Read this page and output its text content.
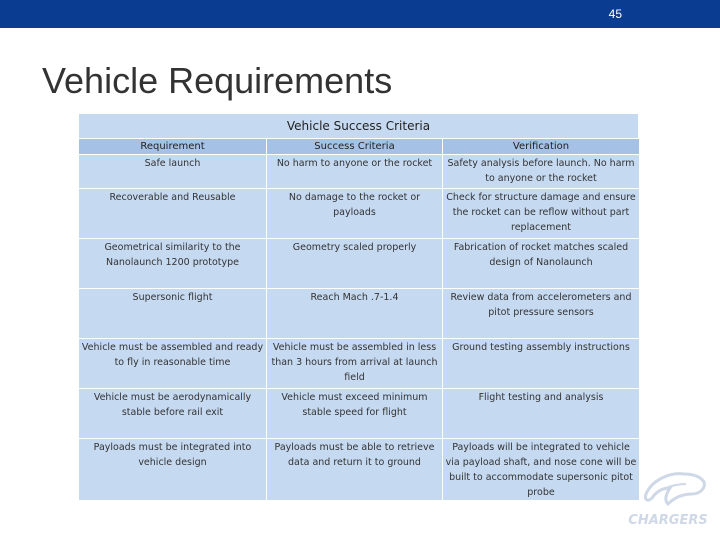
45
Vehicle Requirements
Vehicle Success Criteria
Requirement	Success Criteria	Verification
Safe launch	No harm to anyone or the rocket	Safety analysis before launch. No harm to anyone or the rocket
Recoverable and Reusable	No damage to the rocket or payloads	Check for structure damage and ensure the rocket can be reflow without part replacement
Geometrical similarity to the Nanolaunch 1200 prototype	Geometry scaled properly	Fabrication of rocket matches scaled design of Nanolaunch
Supersonic flight	Reach Mach .7-1.4	Review data from accelerometers and pitot pressure sensors
Vehicle must be assembled and ready to fly in reasonable time	Vehicle must be assembled in less than 3 hours from arrival at launch field	Ground testing assembly instructions
Vehicle must be aerodynamically stable before rail exit	Vehicle must exceed minimum stable speed for flight	Flight testing and analysis
Payloads must be integrated into vehicle design	Payloads must be able to retrieve data and return it to ground	Payloads will be integrated to vehicle via payload shaft, and nose cone will be built to accommodate supersonic pitot probe
CHARGERS
